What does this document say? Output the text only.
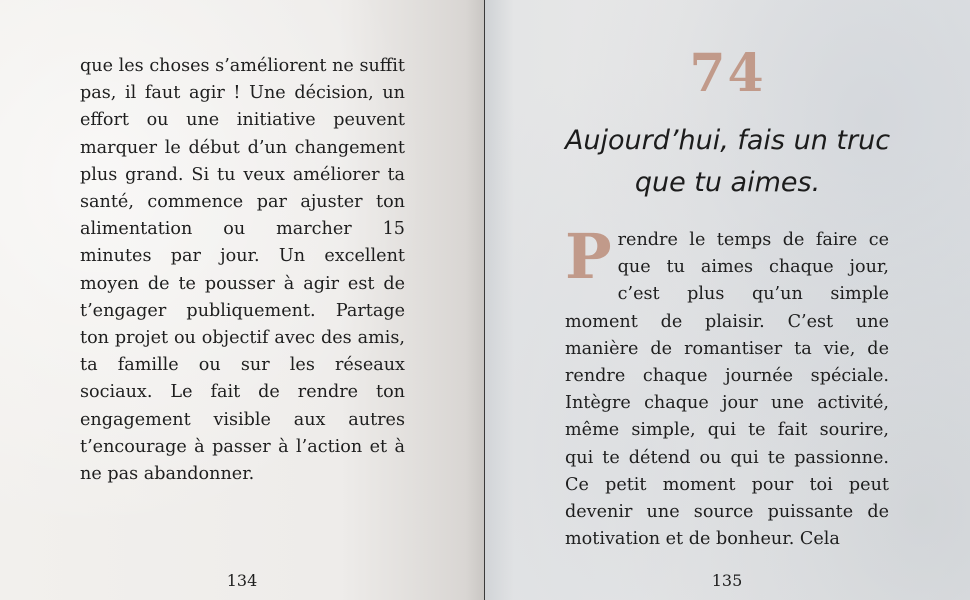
que les choses s’améliorent ne suffit pas, il faut agir ! Une décision, un effort ou une initiative peuvent marquer le début d’un changement plus grand. Si tu veux améliorer ta santé, commence par ajuster ton alimentation ou marcher 15 minutes par jour. Un excellent moyen de te pousser à agir est de t’engager publiquement. Partage ton projet ou objectif avec des amis, ta famille ou sur les réseaux sociaux. Le fait de rendre ton engagement visible aux autres t’encourage à passer à l’action et à ne pas abandonner.

134
74
Aujourd’hui, fais un truc que tu aimes.
P rendre le temps de faire ce que tu aimes chaque jour, c’est plus qu’un simple moment de plaisir. C’est une manière de romantiser ta vie, de rendre chaque journée spéciale. Intègre chaque jour une activité, même simple, qui te fait sourire, qui te détend ou qui te passionne. Ce petit moment pour toi peut devenir une source puissante de motivation et de bonheur. Cela
135
